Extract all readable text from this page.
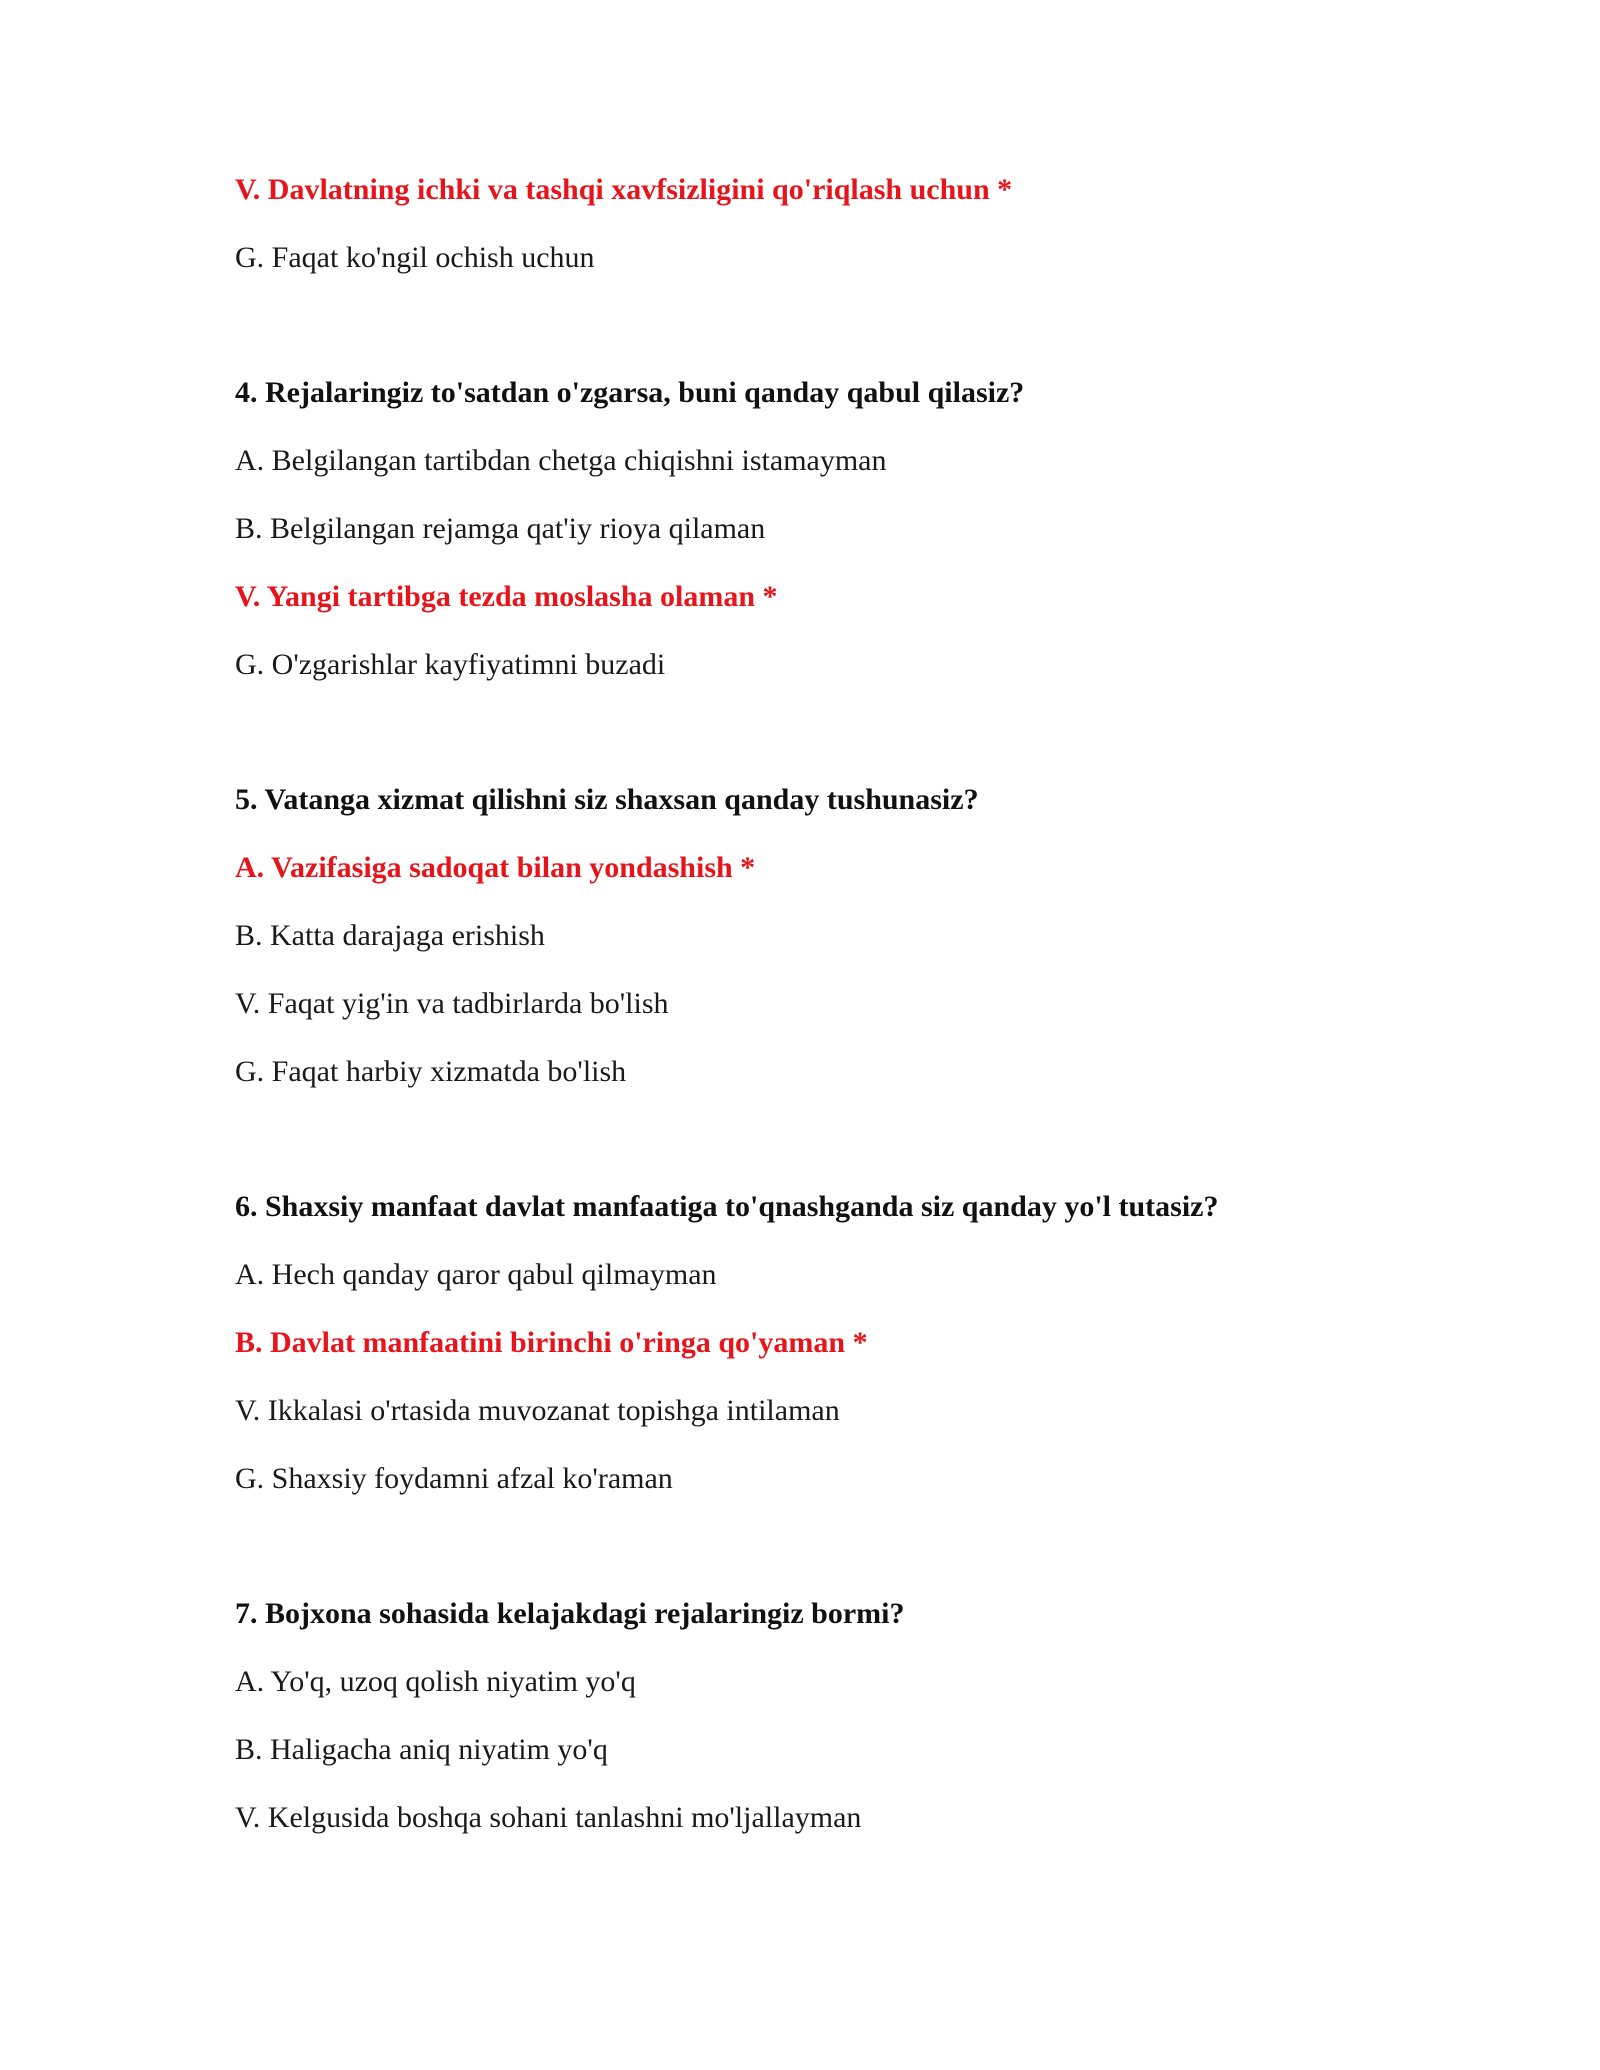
V. Davlatning ichki va tashqi xavfsizligini qo'riqlash uchun *
G. Faqat ko'ngil ochish uchun
4. Rejalaringiz to'satdan o'zgarsa, buni qanday qabul qilasiz?
A. Belgilangan tartibdan chetga chiqishni istamayman
B. Belgilangan rejamga qat'iy rioya qilaman
V. Yangi tartibga tezda moslasha olaman *
G. O'zgarishlar kayfiyatimni buzadi
5. Vatanga xizmat qilishni siz shaxsan qanday tushunasiz?
A. Vazifasiga sadoqat bilan yondashish *
B. Katta darajaga erishish
V. Faqat yig'in va tadbirlarda bo'lish
G. Faqat harbiy xizmatda bo'lish
6. Shaxsiy manfaat davlat manfaatiga to'qnashganda siz qanday yo'l tutasiz?
A. Hech qanday qaror qabul qilmayman
B. Davlat manfaatini birinchi o'ringa qo'yaman *
V. Ikkalasi o'rtasida muvozanat topishga intilaman
G. Shaxsiy foydamni afzal ko'raman
7. Bojxona sohasida kelajakdagi rejalaringiz bormi?
A. Yo'q, uzoq qolish niyatim yo'q
B. Haligacha aniq niyatim yo'q
V. Kelgusida boshqa sohani tanlashni mo'ljallayman
